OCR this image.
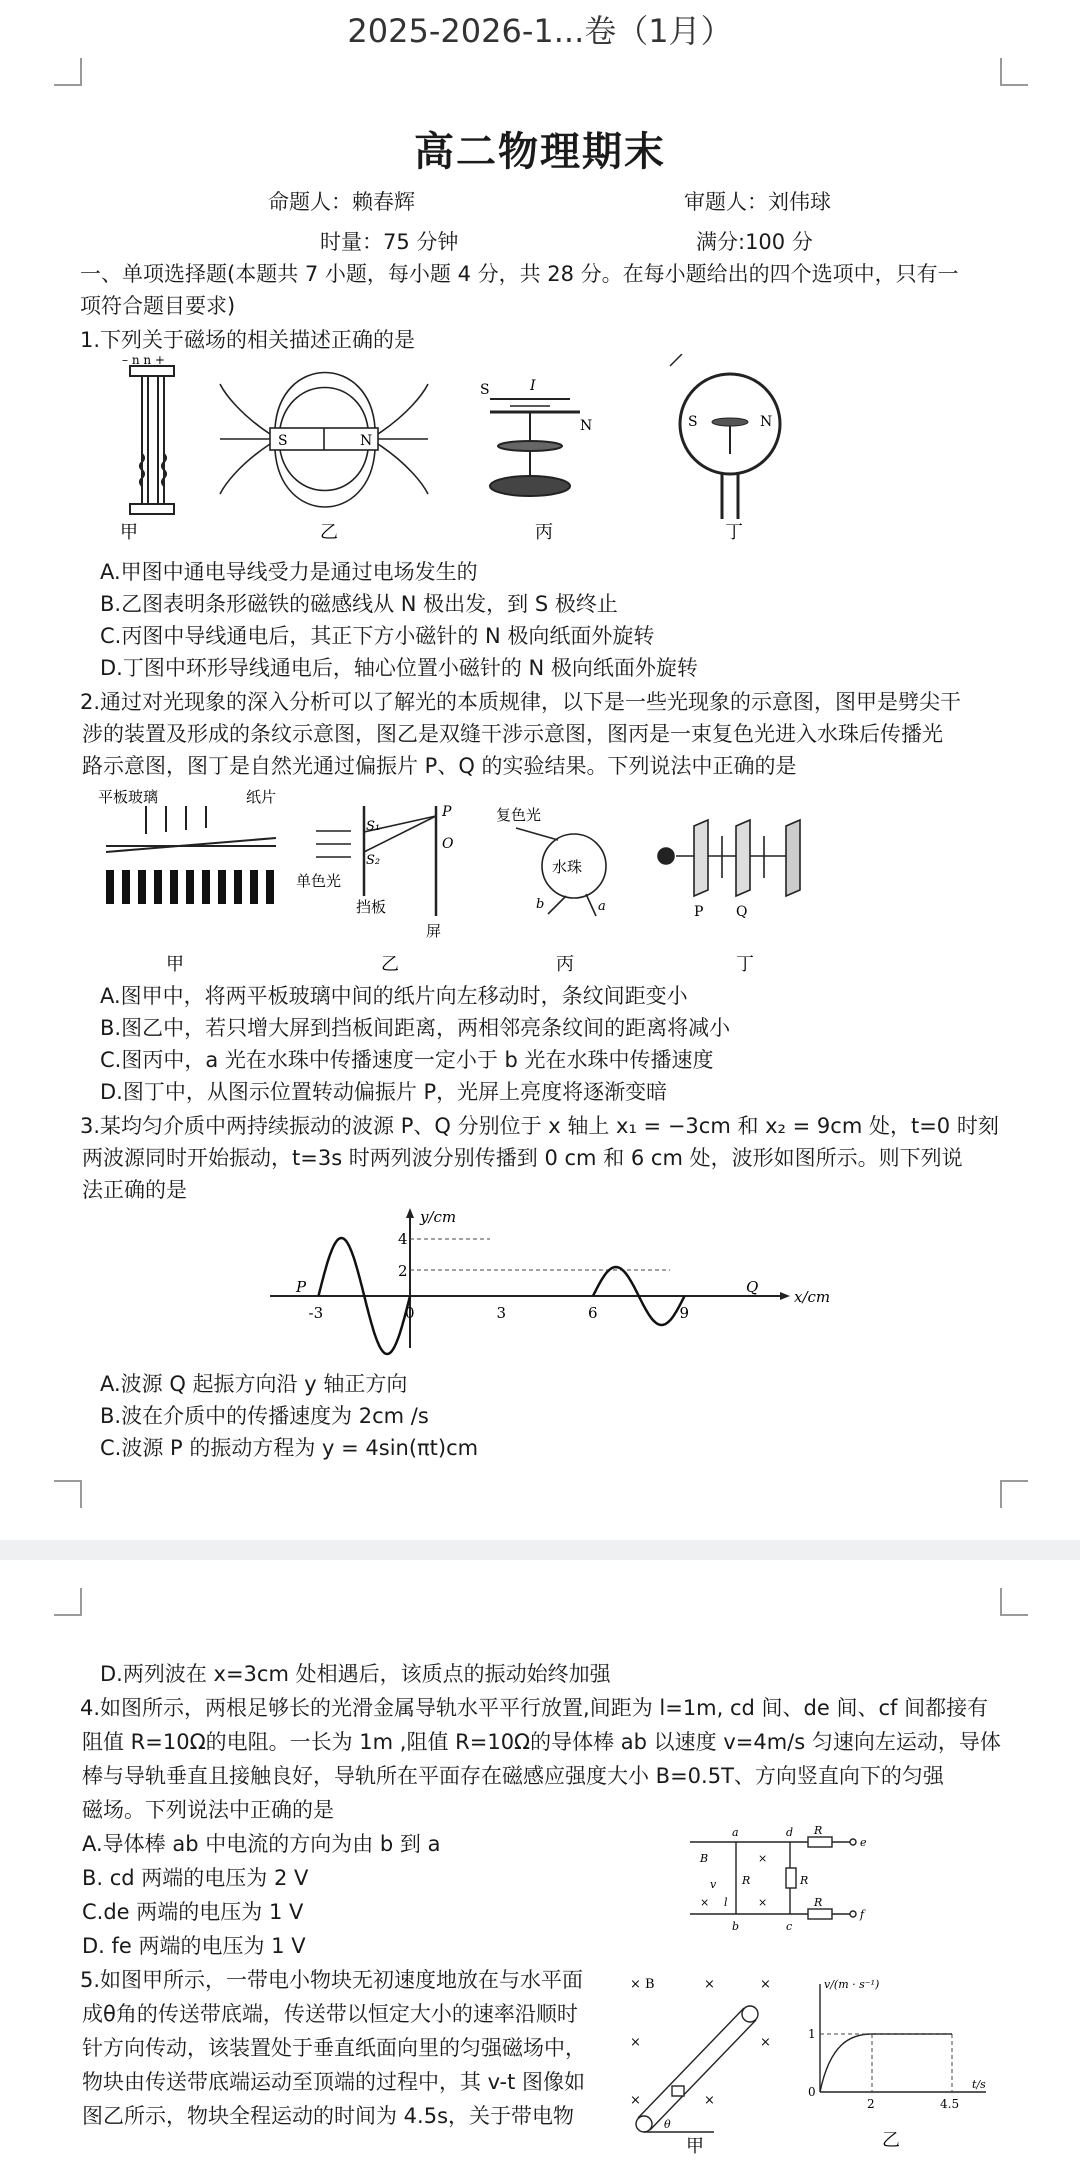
2025-2026-1...卷（1月）
高二物理期末
命题人：赖春辉	审题人：刘伟球
时量：75 分钟	满分:100 分
一、单项选择题(本题共 7 小题，每小题 4 分，共 28 分。在每小题给出的四个选项中，只有一
项符合题目要求)
1.下列关于磁场的相关描述正确的是
– n n +
S	N
S
N
I
S	N
甲	乙	丙	丁
A.甲图中通电导线受力是通过电场发生的
B.乙图表明条形磁铁的磁感线从 N 极出发，到 S 极终止
C.丙图中导线通电后，其正下方小磁针的 N 极向纸面外旋转
D.丁图中环形导线通电后，轴心位置小磁针的 N 极向纸面外旋转
2.通过对光现象的深入分析可以了解光的本质规律，以下是一些光现象的示意图，图甲是劈尖干
涉的装置及形成的条纹示意图，图乙是双缝干涉示意图，图丙是一束复色光进入水珠后传播光
路示意图，图丁是自然光通过偏振片 P、Q 的实验结果。下列说法中正确的是
平板玻璃	纸片
S₁
S₂
P
O
单色光
挡板
屏
复色光
水珠
b	a	P Q
甲	乙	丙	丁
A.图甲中，将两平板玻璃中间的纸片向左移动时，条纹间距变小
B.图乙中，若只增大屏到挡板间距离，两相邻亮条纹间的距离将减小
C.图丙中，a 光在水珠中传播速度一定小于 b 光在水珠中传播速度
D.图丁中，从图示位置转动偏振片 P，光屏上亮度将逐渐变暗
3.某均匀介质中两持续振动的波源 P、Q 分别位于 x 轴上 x₁ = −3cm 和 x₂ = 9cm 处，t=0 时刻
两波源同时开始振动，t=3s 时两列波分别传播到 0 cm 和 6 cm 处，波形如图所示。则下列说
法正确的是
y/cm
x/cm
4
2
-3	0	3	6	9
P	Q
A.波源 Q 起振方向沿 y 轴正方向
B.波在介质中的传播速度为 2cm /s
C.波源 P 的振动方程为 y = 4sin(πt)cm
D.两列波在 x=3cm 处相遇后，该质点的振动始终加强
4.如图所示，两根足够长的光滑金属导轨水平平行放置,间距为 l=1m, cd 间、de 间、cf 间都接有
阻值 R=10Ω的电阻。一长为 1m ,阻值 R=10Ω的导体棒 ab 以速度 v=4m/s 匀速向左运动，导体
棒与导轨垂直且接触良好，导轨所在平面存在磁感应强度大小 B=0.5T、方向竖直向下的匀强
磁场。下列说法中正确的是
A.导体棒 ab 中电流的方向为由 b 到 a
B. cd 两端的电压为 2 V
C.de 两端的电压为 1 V
D. fe 两端的电压为 1 V
a
b
d
c
e
f
B
R	R
R
R
v
l
×
×
×
5.如图甲所示，一带电小物块无初速度地放在与水平面
成θ角的传送带底端，传送带以恒定大小的速率沿顺时
针方向传动，该装置处于垂直纸面向里的匀强磁场中，
物块由传送带底端运动至顶端的过程中，其 v-t 图像如
图乙所示，物块全程运动的时间为 4.5s，关于带电物
× B	×	×
×	×
×	×
θ
甲
v/(m · s⁻¹)
t/s
1
0
2	4.5
乙
